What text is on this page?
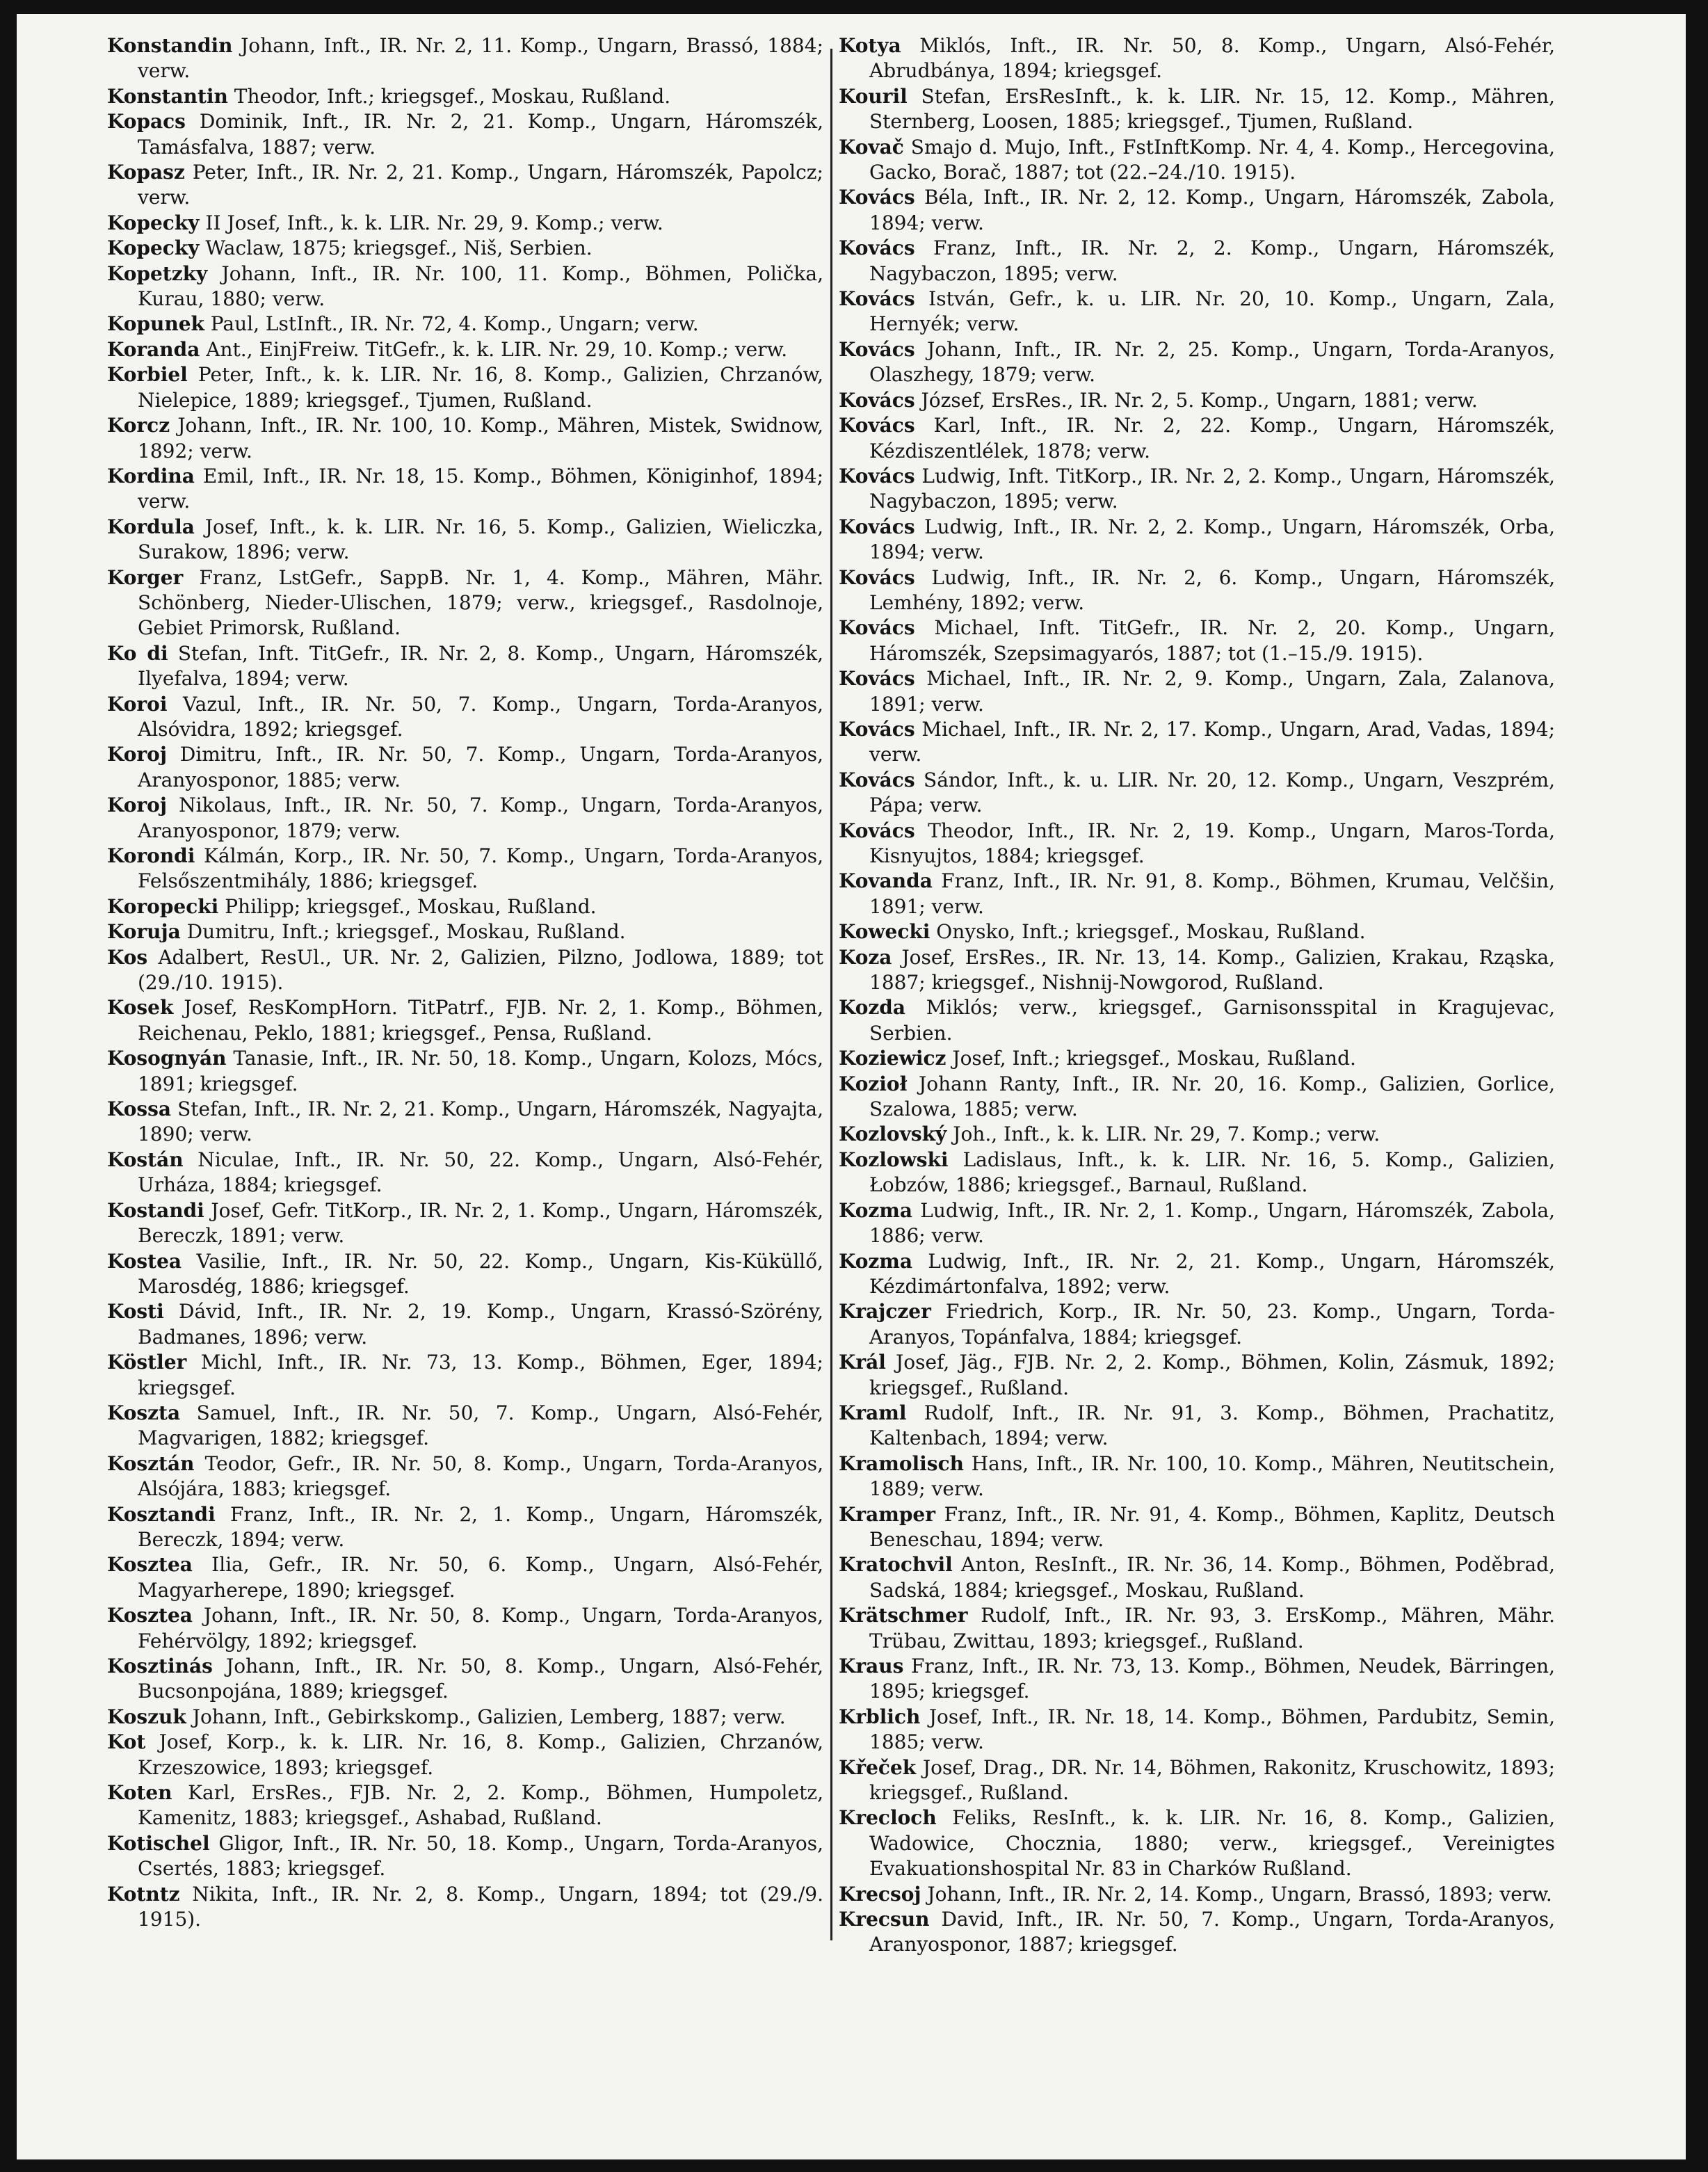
Konstandin Johann, Inft., IR. Nr. 2, 11. Komp., Ungarn, Brassó, 1884; verw.

Konstantin Theodor, Inft.; kriegsgef., Moskau, Rußland.

Kopacs Dominik, Inft., IR. Nr. 2, 21. Komp., Ungarn, Háromszék, Tamásfalva, 1887; verw.

Kopasz Peter, Inft., IR. Nr. 2, 21. Komp., Ungarn, Háromszék, Papolcz; verw.

Kopecky II Josef, Inft., k. k. LIR. Nr. 29, 9. Komp.; verw.

Kopecky Waclaw, 1875; kriegsgef., Niš, Serbien.

Kopetzky Johann, Inft., IR. Nr. 100, 11. Komp., Böhmen, Polička, Kurau, 1880; verw.

Kopunek Paul, LstInft., IR. Nr. 72, 4. Komp., Ungarn; verw.

Koranda Ant., EinjFreiw. TitGefr., k. k. LIR. Nr. 29, 10. Komp.; verw.

Korbiel Peter, Inft., k. k. LIR. Nr. 16, 8. Komp., Galizien, Chrzanów, Nielepice, 1889; kriegsgef., Tjumen, Rußland.

Korcz Johann, Inft., IR. Nr. 100, 10. Komp., Mähren, Mistek, Swidnow, 1892; verw.

Kordina Emil, Inft., IR. Nr. 18, 15. Komp., Böhmen, Königinhof, 1894; verw.

Kordula Josef, Inft., k. k. LIR. Nr. 16, 5. Komp., Galizien, Wieliczka, Surakow, 1896; verw.

Korger Franz, LstGefr., SappB. Nr. 1, 4. Komp., Mähren, Mähr. Schönberg, Nieder-Ulischen, 1879; verw., kriegsgef., Rasdolnoje, Gebiet Primorsk, Rußland.

Ko di Stefan, Inft. TitGefr., IR. Nr. 2, 8. Komp., Ungarn, Háromszék, Ilyefalva, 1894; verw.

Koroi Vazul, Inft., IR. Nr. 50, 7. Komp., Ungarn, Torda-Aranyos, Alsóvidra, 1892; kriegsgef.

Koroj Dimitru, Inft., IR. Nr. 50, 7. Komp., Ungarn, Torda-Aranyos, Aranyosponor, 1885; verw.

Koroj Nikolaus, Inft., IR. Nr. 50, 7. Komp., Ungarn, Torda-Aranyos, Aranyosponor, 1879; verw.

Korondi Kálmán, Korp., IR. Nr. 50, 7. Komp., Ungarn, Torda-Aranyos, Felsőszentmihály, 1886; kriegsgef.

Koropecki Philipp; kriegsgef., Moskau, Rußland.

Koruja Dumitru, Inft.; kriegsgef., Moskau, Rußland.

Kos Adalbert, ResUl., UR. Nr. 2, Galizien, Pilzno, Jodlowa, 1889; tot (29./10. 1915).

Kosek Josef, ResKompHorn. TitPatrf., FJB. Nr. 2, 1. Komp., Böhmen, Reichenau, Peklo, 1881; kriegsgef., Pensa, Rußland.

Kosognyán Tanasie, Inft., IR. Nr. 50, 18. Komp., Ungarn, Kolozs, Mócs, 1891; kriegsgef.

Kossa Stefan, Inft., IR. Nr. 2, 21. Komp., Ungarn, Háromszék, Nagyajta, 1890; verw.

Kostán Niculae, Inft., IR. Nr. 50, 22. Komp., Ungarn, Alsó-Fehér, Urháza, 1884; kriegsgef.

Kostandi Josef, Gefr. TitKorp., IR. Nr. 2, 1. Komp., Ungarn, Háromszék, Bereczk, 1891; verw.

Kostea Vasilie, Inft., IR. Nr. 50, 22. Komp., Ungarn, Kis-Küküllő, Marosdég, 1886; kriegsgef.

Kosti Dávid, Inft., IR. Nr. 2, 19. Komp., Ungarn, Krassó-Szörény, Badmanes, 1896; verw.

Köstler Michl, Inft., IR. Nr. 73, 13. Komp., Böhmen, Eger, 1894; kriegsgef.

Koszta Samuel, Inft., IR. Nr. 50, 7. Komp., Ungarn, Alsó-Fehér, Magvarigen, 1882; kriegsgef.

Kosztán Teodor, Gefr., IR. Nr. 50, 8. Komp., Ungarn, Torda-Aranyos, Alsójára, 1883; kriegsgef.

Kosztandi Franz, Inft., IR. Nr. 2, 1. Komp., Ungarn, Háromszék, Bereczk, 1894; verw.

Kosztea Ilia, Gefr., IR. Nr. 50, 6. Komp., Ungarn, Alsó-Fehér, Magyarherepe, 1890; kriegsgef.

Kosztea Johann, Inft., IR. Nr. 50, 8. Komp., Ungarn, Torda-Aranyos, Fehérvölgy, 1892; kriegsgef.

Kosztinás Johann, Inft., IR. Nr. 50, 8. Komp., Ungarn, Alsó-Fehér, Bucsonpojána, 1889; kriegsgef.

Koszuk Johann, Inft., Gebirkskomp., Galizien, Lemberg, 1887; verw.

Kot Josef, Korp., k. k. LIR. Nr. 16, 8. Komp., Galizien, Chrzanów, Krzeszowice, 1893; kriegsgef.

Koten Karl, ErsRes., FJB. Nr. 2, 2. Komp., Böhmen, Humpoletz, Kamenitz, 1883; kriegsgef., Ashabad, Rußland.

Kotischel Gligor, Inft., IR. Nr. 50, 18. Komp., Ungarn, Torda-Aranyos, Csertés, 1883; kriegsgef.

Kotntz Nikita, Inft., IR. Nr. 2, 8. Komp., Ungarn, 1894; tot (29./9. 1915).

Kotya Miklós, Inft., IR. Nr. 50, 8. Komp., Ungarn, Alsó-Fehér, Abrudbánya, 1894; kriegsgef.

Kouril Stefan, ErsResInft., k. k. LIR. Nr. 15, 12. Komp., Mähren, Sternberg, Loosen, 1885; kriegsgef., Tjumen, Rußland.

Kovač Smajo d. Mujo, Inft., FstInftKomp. Nr. 4, 4. Komp., Hercegovina, Gacko, Borač, 1887; tot (22.–24./10. 1915).

Kovács Béla, Inft., IR. Nr. 2, 12. Komp., Ungarn, Háromszék, Zabola, 1894; verw.

Kovács Franz, Inft., IR. Nr. 2, 2. Komp., Ungarn, Háromszék, Nagybaczon, 1895; verw.

Kovács István, Gefr., k. u. LIR. Nr. 20, 10. Komp., Ungarn, Zala, Hernyék; verw.

Kovács Johann, Inft., IR. Nr. 2, 25. Komp., Ungarn, Torda-Aranyos, Olaszhegy, 1879; verw.

Kovács József, ErsRes., IR. Nr. 2, 5. Komp., Ungarn, 1881; verw.

Kovács Karl, Inft., IR. Nr. 2, 22. Komp., Ungarn, Háromszék, Kézdiszentlélek, 1878; verw.

Kovács Ludwig, Inft. TitKorp., IR. Nr. 2, 2. Komp., Ungarn, Háromszék, Nagybaczon, 1895; verw.

Kovács Ludwig, Inft., IR. Nr. 2, 2. Komp., Ungarn, Háromszék, Orba, 1894; verw.

Kovács Ludwig, Inft., IR. Nr. 2, 6. Komp., Ungarn, Háromszék, Lemhény, 1892; verw.

Kovács Michael, Inft. TitGefr., IR. Nr. 2, 20. Komp., Ungarn, Háromszék, Szepsimagyarós, 1887; tot (1.–15./9. 1915).

Kovács Michael, Inft., IR. Nr. 2, 9. Komp., Ungarn, Zala, Zalanova, 1891; verw.

Kovács Michael, Inft., IR. Nr. 2, 17. Komp., Ungarn, Arad, Vadas, 1894; verw.

Kovács Sándor, Inft., k. u. LIR. Nr. 20, 12. Komp., Ungarn, Veszprém, Pápa; verw.

Kovács Theodor, Inft., IR. Nr. 2, 19. Komp., Ungarn, Maros-Torda, Kisnyujtos, 1884; kriegsgef.

Kovanda Franz, Inft., IR. Nr. 91, 8. Komp., Böhmen, Krumau, Velčšin, 1891; verw.

Kowecki Onysko, Inft.; kriegsgef., Moskau, Rußland.

Koza Josef, ErsRes., IR. Nr. 13, 14. Komp., Galizien, Krakau, Rząska, 1887; kriegsgef., Nishnij-Nowgorod, Rußland.

Kozda Miklós; verw., kriegsgef., Garnisonsspital in Kragujevac, Serbien.

Koziewicz Josef, Inft.; kriegsgef., Moskau, Rußland.

Kozioł Johann Ranty, Inft., IR. Nr. 20, 16. Komp., Galizien, Gorlice, Szalowa, 1885; verw.

Kozlovský Joh., Inft., k. k. LIR. Nr. 29, 7. Komp.; verw.

Kozlowski Ladislaus, Inft., k. k. LIR. Nr. 16, 5. Komp., Galizien, Łobzów, 1886; kriegsgef., Barnaul, Rußland.

Kozma Ludwig, Inft., IR. Nr. 2, 1. Komp., Ungarn, Háromszék, Zabola, 1886; verw.

Kozma Ludwig, Inft., IR. Nr. 2, 21. Komp., Ungarn, Háromszék, Kézdimártonfalva, 1892; verw.

Krajczer Friedrich, Korp., IR. Nr. 50, 23. Komp., Ungarn, Torda-Aranyos, Topánfalva, 1884; kriegsgef.

Král Josef, Jäg., FJB. Nr. 2, 2. Komp., Böhmen, Kolin, Zásmuk, 1892; kriegsgef., Rußland.

Kraml Rudolf, Inft., IR. Nr. 91, 3. Komp., Böhmen, Prachatitz, Kaltenbach, 1894; verw.

Kramolisch Hans, Inft., IR. Nr. 100, 10. Komp., Mähren, Neutitschein, 1889; verw.

Kramper Franz, Inft., IR. Nr. 91, 4. Komp., Böhmen, Kaplitz, Deutsch Beneschau, 1894; verw.

Kratochvil Anton, ResInft., IR. Nr. 36, 14. Komp., Böhmen, Poděbrad, Sadská, 1884; kriegsgef., Moskau, Rußland.

Krätschmer Rudolf, Inft., IR. Nr. 93, 3. ErsKomp., Mähren, Mähr. Trübau, Zwittau, 1893; kriegsgef., Rußland.

Kraus Franz, Inft., IR. Nr. 73, 13. Komp., Böhmen, Neudek, Bärringen, 1895; kriegsgef.

Krblich Josef, Inft., IR. Nr. 18, 14. Komp., Böhmen, Pardubitz, Semin, 1885; verw.

Křeček Josef, Drag., DR. Nr. 14, Böhmen, Rakonitz, Kruschowitz, 1893; kriegsgef., Rußland.

Krecloch Feliks, ResInft., k. k. LIR. Nr. 16, 8. Komp., Galizien, Wadowice, Chocznia, 1880; verw., kriegsgef., Vereinigtes Evakuationshospital Nr. 83 in Charków Rußland.

Krecsoj Johann, Inft., IR. Nr. 2, 14. Komp., Ungarn, Brassó, 1893; verw.

Krecsun David, Inft., IR. Nr. 50, 7. Komp., Ungarn, Torda-Aranyos, Aranyosponor, 1887; kriegsgef.
